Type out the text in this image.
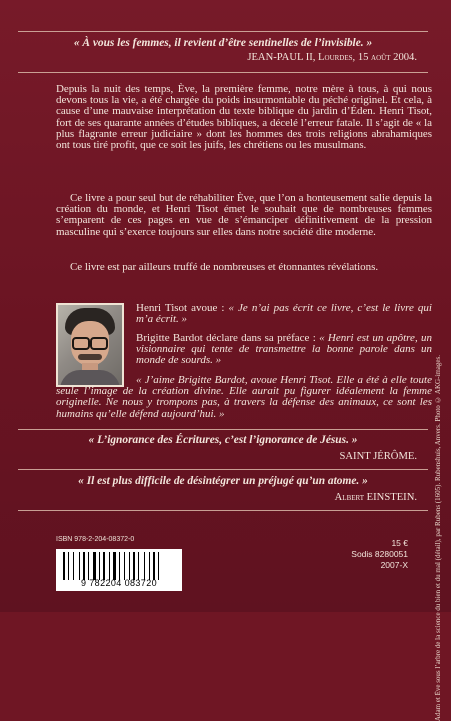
« À vous les femmes, il revient d’être sentinelles de l’invisible. »
JEAN-PAUL II, Lourdes, 15 août 2004.
Depuis la nuit des temps, Ève, la première femme, notre mère à tous, à qui nous devons tous la vie, a été chargée du poids insurmontable du péché originel. Et cela, à cause d’une mauvaise interprétation du texte biblique du jardin d’Éden. Henri Tisot, fort de ses quarante années d’études bibliques, a décelé l’erreur fatale. Il s’agit de « la plus flagrante erreur judiciaire » dont les hommes des trois religions abrahamiques ont tous tiré profit, que ce soit les juifs, les chrétiens ou les musulmans.
Ce livre a pour seul but de réhabiliter Ève, que l’on a honteusement salie depuis la création du monde, et Henri Tisot émet le souhait que de nombreuses femmes s’emparent de ces pages en vue de s’émanciper définitivement de la pression masculine qui s’exerce toujours sur elles dans notre société dite moderne.
Ce livre est par ailleurs truffé de nombreuses et étonnantes révélations.
Henri Tisot avoue : « Je n’ai pas écrit ce livre, c’est le livre qui m’a écrit. »
Brigitte Bardot déclare dans sa préface : « Henri est un apôtre, un visionnaire qui tente de transmettre la bonne parole dans un monde de sourds. »
« J’aime Brigitte Bardot, avoue Henri Tisot. Elle a été à elle toute seule l’image de la création divine. Elle aurait pu figurer idéalement la femme originelle. Ne nous y trompons pas, à travers la défense des animaux, ce sont les humains qu’elle défend aujourd’hui. »
« L’ignorance des Écritures, c’est l’ignorance de Jésus. »
SAINT JÉRÔME.
« Il est plus difficile de désintégrer un préjugé qu’un atome. »
Albert EINSTEIN.
ISBN 978-2-204-08372-0
9 782204 083720
15 €
Sodis 8280051
2007-X	Adam et Ève sous l’arbre de la science du bien et du mal (détail), par Rubens (1605). Rubenshuis, Anvers. Photo © AKG-images.
